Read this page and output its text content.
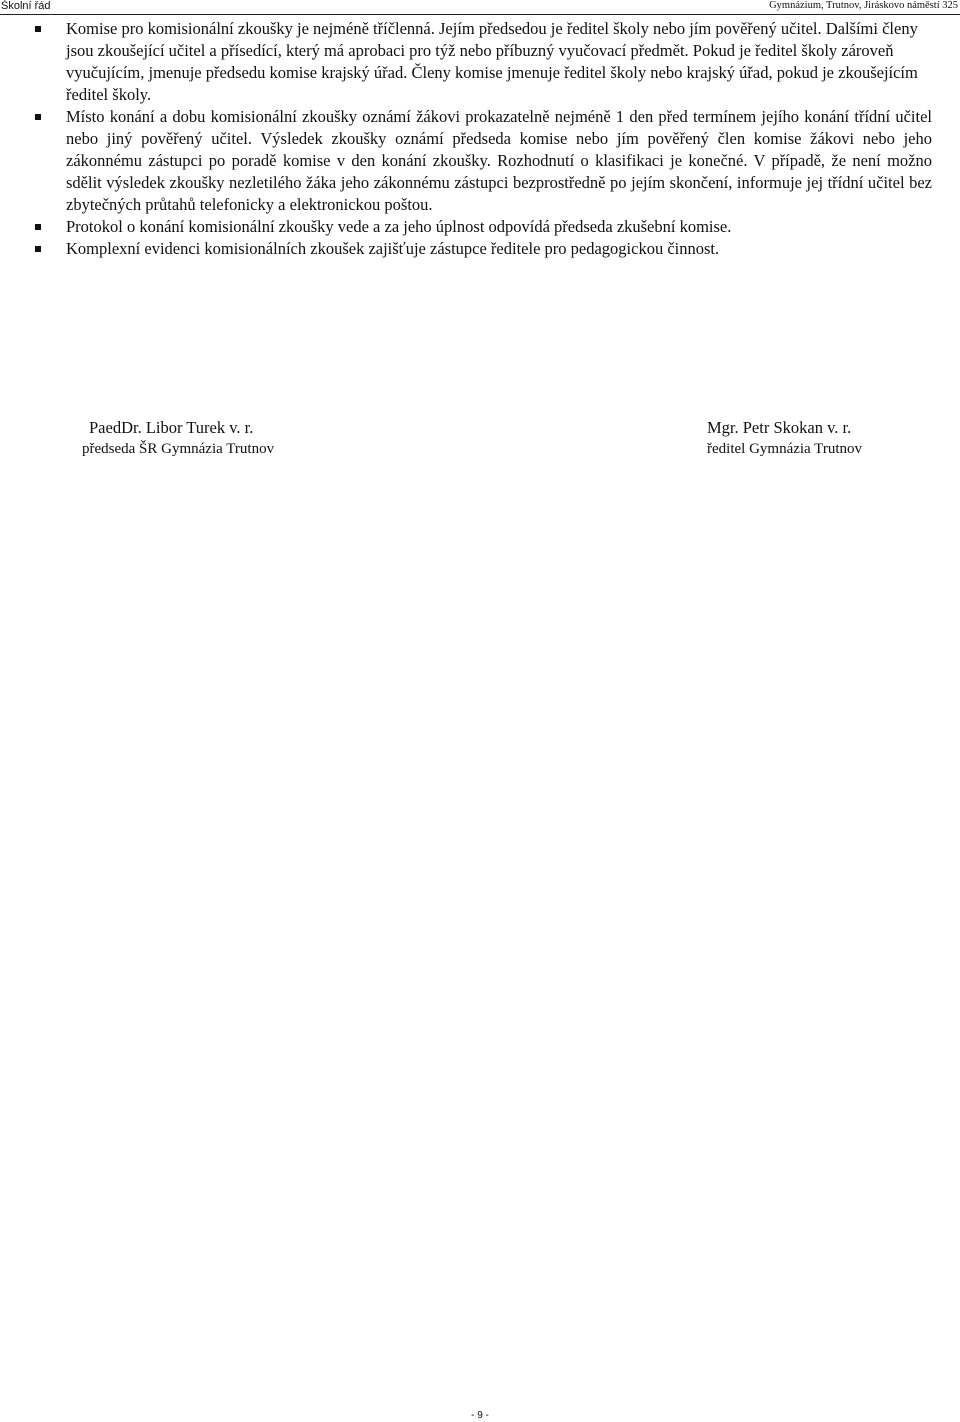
Školní řád	Gymnázium, Trutnov, Jiráskovo náměstí 325
Komise pro komisionální zkoušky je nejméně tříčlenná. Jejím předsedou je ředitel školy nebo jím pověřený učitel. Dalšími členy jsou zkoušející učitel a přísedící, který má aprobaci pro týž nebo příbuzný vyučovací předmět. Pokud je ředitel školy zároveň vyučujícím, jmenuje předsedu komise krajský úřad. Členy komise jmenuje ředitel školy nebo krajský úřad, pokud je zkoušejícím ředitel školy.
Místo konání a dobu komisionální zkoušky oznámí žákovi prokazatelně nejméně 1 den před termínem jejího konání třídní učitel nebo jiný pověřený učitel. Výsledek zkoušky oznámí předseda komise nebo jím pověřený člen komise žákovi nebo jeho zákonnému zástupci po poradě komise v den konání zkoušky. Rozhodnutí o klasifikaci je konečné. V případě, že není možno sdělit výsledek zkoušky nezletilého žáka jeho zákonnému zástupci bezprostředně po jejím skončení, informuje jej třídní učitel bez zbytečných průtahů telefonicky a elektronickou poštou.
Protokol o konání komisionální zkoušky vede a za jeho úplnost odpovídá předseda zkušební komise.
Komplexní evidenci komisionálních zkoušek zajišťuje zástupce ředitele pro pedagogickou činnost.
PaedDr. Libor Turek v. r.
předseda ŠR Gymnázia Trutnov
Mgr. Petr Skokan v. r.
ředitel Gymnázia Trutnov
- 9 -
